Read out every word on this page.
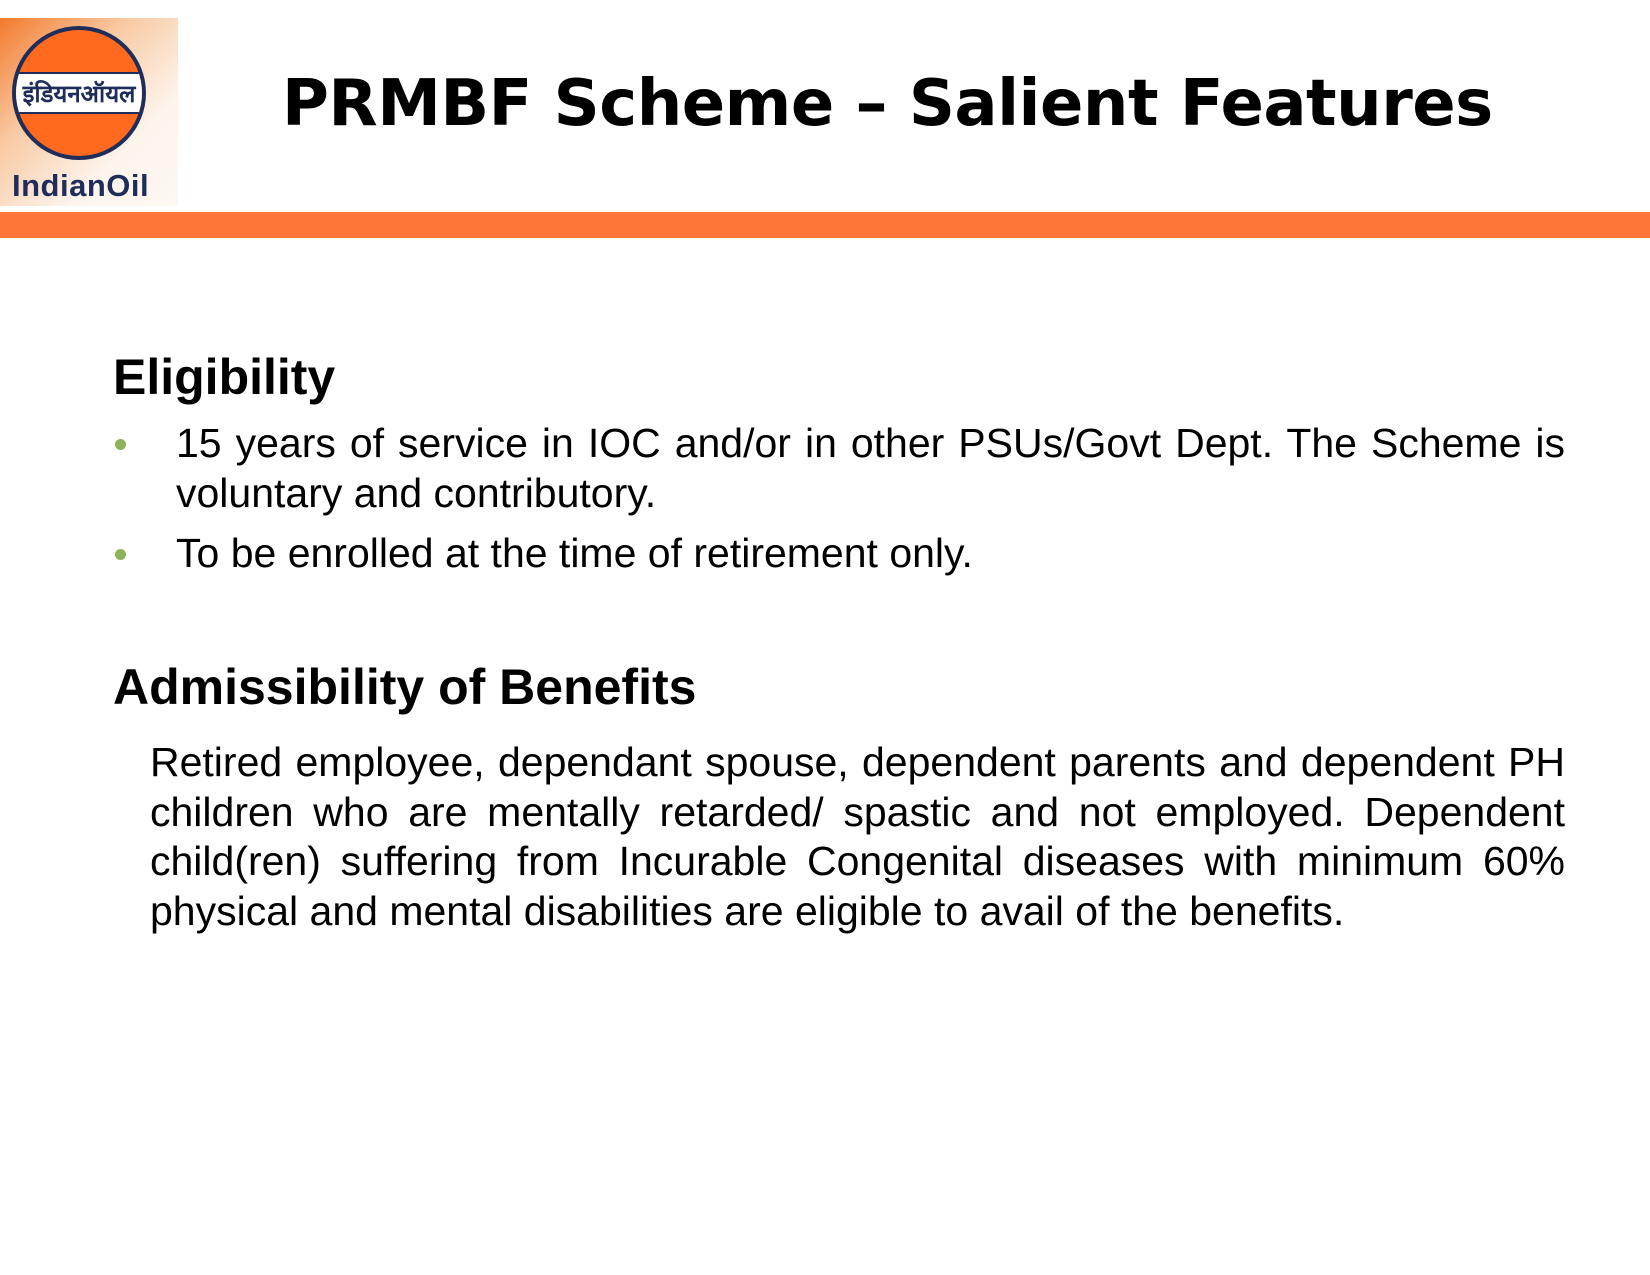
इंडियनऑयल
IndianOil
PRMBF Scheme – Salient Features
Eligibility
15 years of service in IOC and/or in other PSUs/Govt Dept. The Scheme is voluntary and contributory.
To be enrolled at the time of retirement only.
Admissibility of Benefits

Retired employee, dependant spouse, dependent parents and dependent PH children who are mentally retarded/ spastic and not employed. Dependent child(ren) suffering from Incurable Congenital diseases with minimum 60% physical and mental disabilities are eligible to avail of the benefits.
